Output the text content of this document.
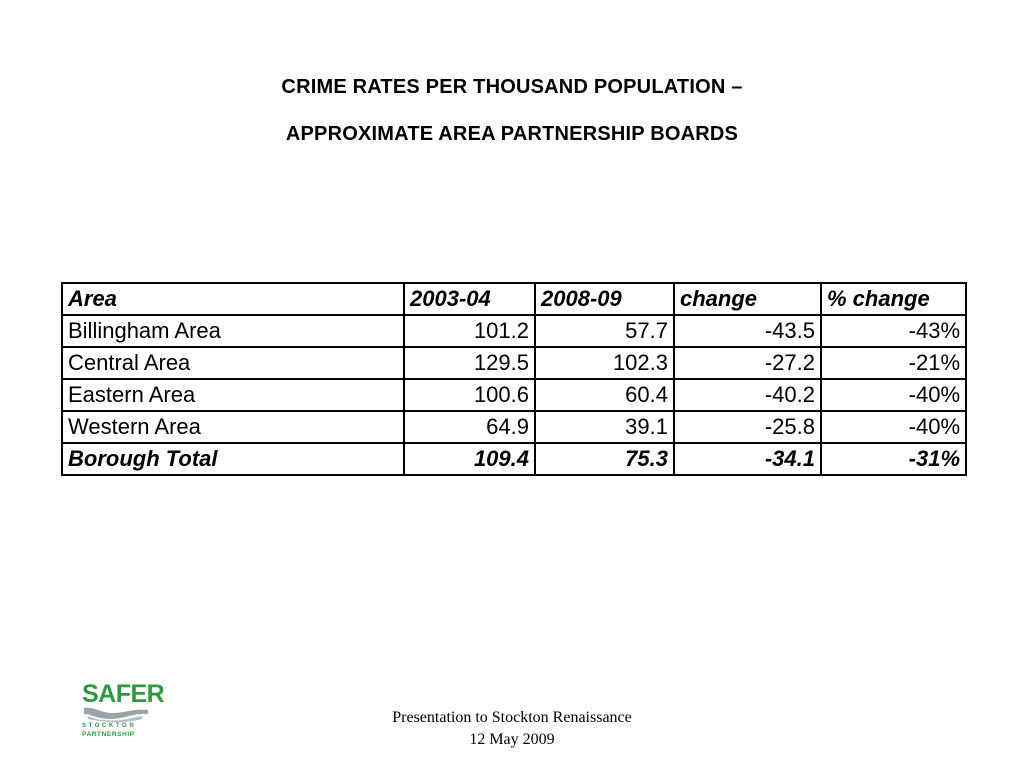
CRIME RATES PER THOUSAND POPULATION –
APPROXIMATE AREA PARTNERSHIP BOARDS
Area	2003-04	2008-09	change	% change
Billingham Area	101.2	57.7	-43.5	-43%
Central Area	129.5	102.3	-27.2	-21%
Eastern Area	100.6	60.4	-40.2	-40%
Western Area	64.9	39.1	-25.8	-40%
Borough Total	109.4	75.3	-34.1	-31%
SAFER
STOCKTON
PARTNERSHIP
Presentation to Stockton Renaissance
12 May 2009
